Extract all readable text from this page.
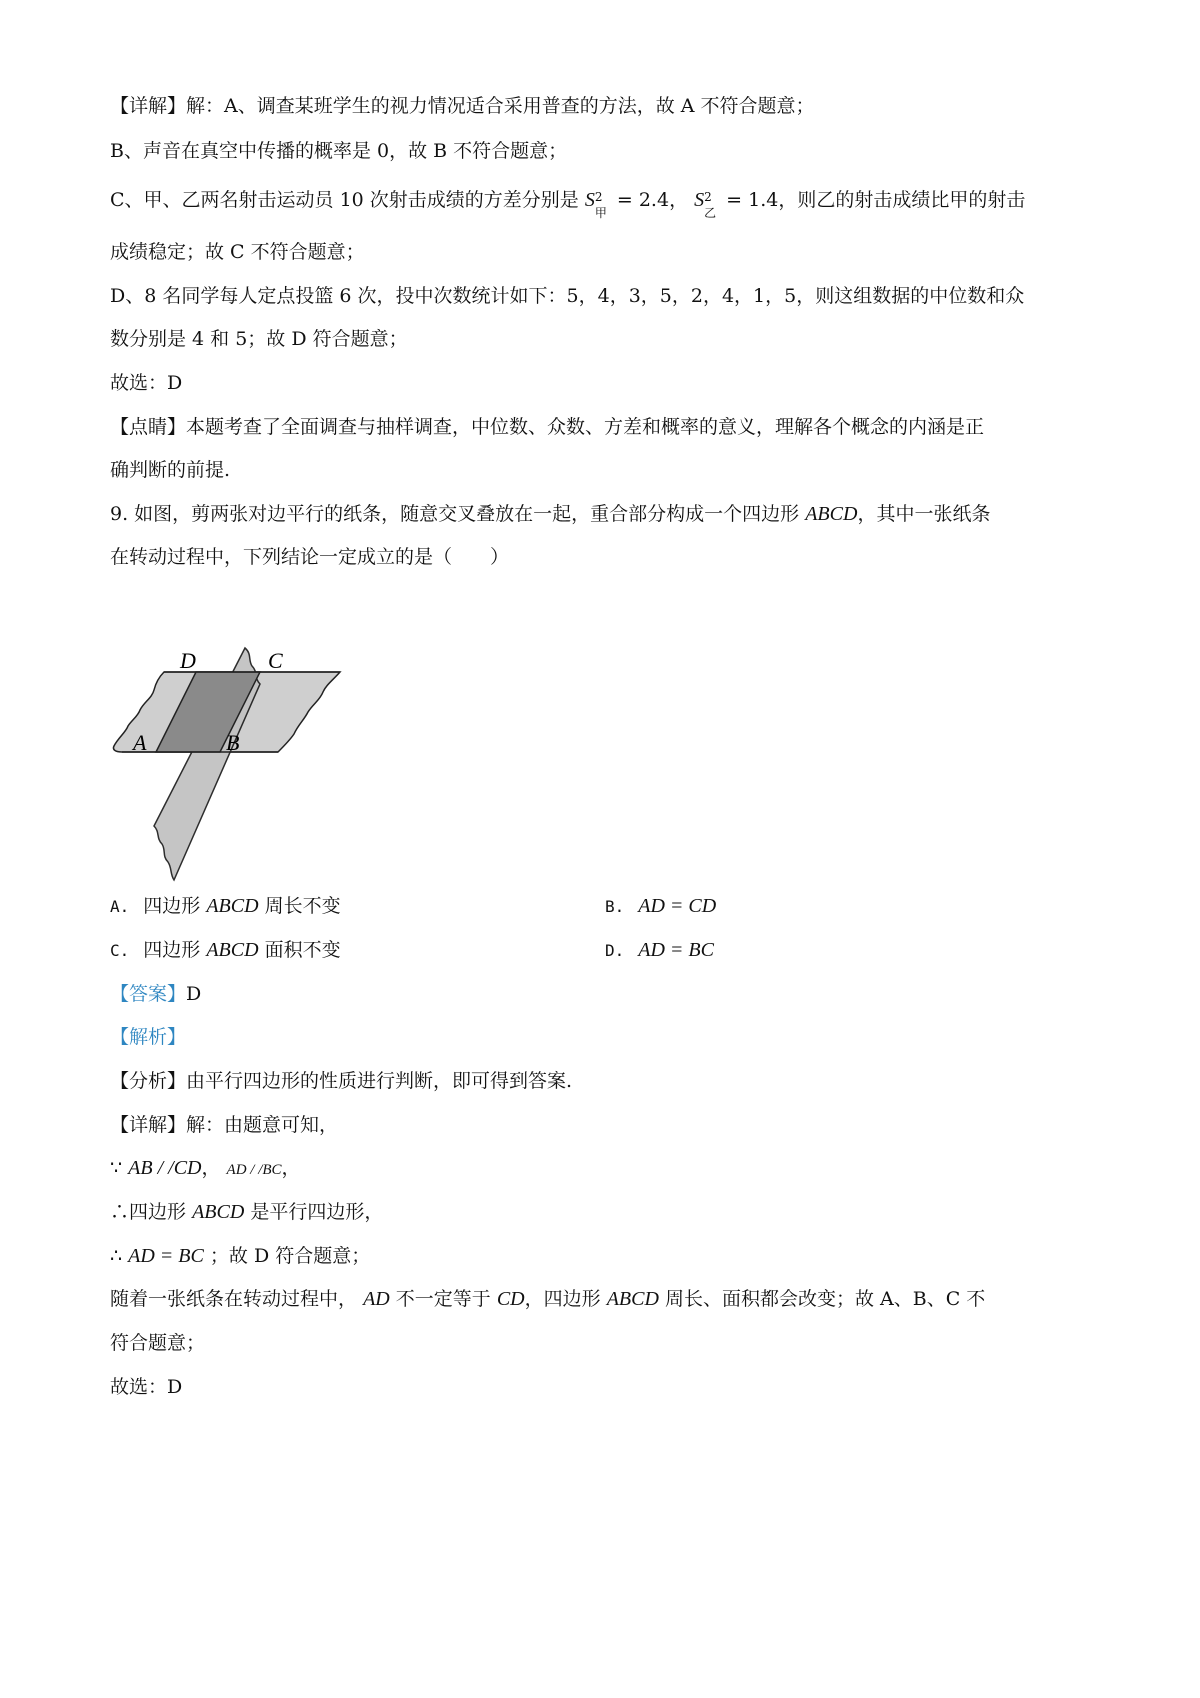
【详解】解：A、调查某班学生的视力情况适合采用普查的方法，故 A 不符合题意；
B、声音在真空中传播的概率是 0，故 B 不符合题意；
C、甲、乙两名射击运动员 10 次射击成绩的方差分别是 S 2
甲
= 2.4， S 2
乙
= 1.4，则乙的射击成绩比甲的射击
成绩稳定；故 C 不符合题意；
D、8 名同学每人定点投篮 6 次，投中次数统计如下：5，4，3，5，2，4，1，5，则这组数据的中位数和众
数分别是 4 和 5；故 D 符合题意；
故选：D
【点睛】本题考查了全面调查与抽样调查，中位数、众数、方差和概率的意义，理解各个概念的内涵是正
确判断的前提.
9. 如图，剪两张对边平行的纸条，随意交叉叠放在一起，重合部分构成一个四边形 ABCD，其中一张纸条
在转动过程中，下列结论一定成立的是（　　）
D	C
A	B
A. 四边形 ABCD 周长不变	B. AD = CD
C. 四边形 ABCD 面积不变	D. AD = BC
【答案】D
【解析】
【分析】由平行四边形的性质进行判断，即可得到答案.
【详解】解：由题意可知，
∵ AB / /CD， AD / /BC，
∴四边形 ABCD 是平行四边形，
∴ AD = BC ；故 D 符合题意；
随着一张纸条在转动过程中， AD 不一定等于 CD，四边形 ABCD 周长、面积都会改变；故 A、B、C 不
符合题意；
故选：D
